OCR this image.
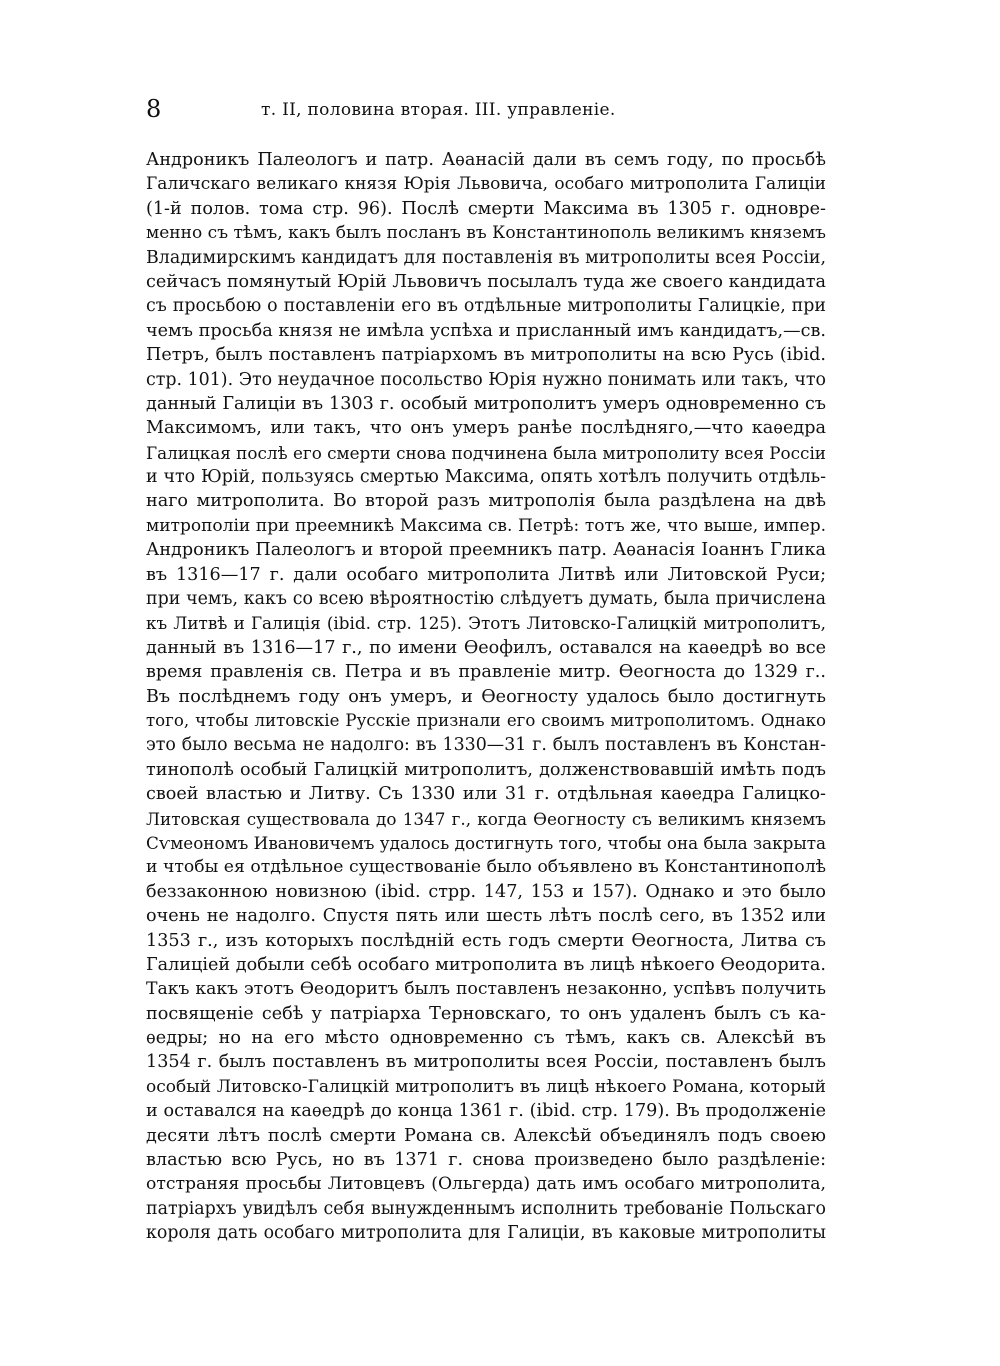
8	т. II, половина вторая. III. управленіе.
Андроникъ Палеологъ и патр. Аѳанасій дали въ семъ году, по просьбѣ
Галичскаго великаго князя Юрія Львовича, особаго митрополита Галиціи
(1-й полов. тома стр. 96). Послѣ смерти Максима въ 1305 г. одновре-
менно съ тѣмъ, какъ былъ посланъ въ Константинополь великимъ княземъ
Владимирскимъ кандидатъ для поставленія въ митрополиты всея Россіи,
сейчасъ помянутый Юрій Львовичъ посылалъ туда же своего кандидата
съ просьбою о поставленіи его въ отдѣльные митрополиты Галицкіе, при
чемъ просьба князя не имѣла успѣха и присланный имъ кандидатъ,—св.
Петръ, былъ поставленъ патріархомъ въ митрополиты на всю Русь (ibid.
стр. 101). Это неудачное посольство Юрія нужно понимать или такъ, что
данный Галиціи въ 1303 г. особый митрополитъ умеръ одновременно съ
Максимомъ, или такъ, что онъ умеръ ранѣе послѣдняго,—что каѳедра
Галицкая послѣ его смерти снова подчинена была митрополиту всея Россіи
и что Юрій, пользуясь смертью Максима, опять хотѣлъ получить отдѣль-
наго митрополита. Во второй разъ митрополія была раздѣлена на двѣ
митрополіи при преемникѣ Максима св. Петрѣ: тотъ же, что выше, импер.
Андроникъ Палеологъ и второй преемникъ патр. Аѳанасія Іоаннъ Глика
въ 1316—17 г. дали особаго митрополита Литвѣ или Литовской Руси;
при чемъ, какъ со всею вѣроятностію слѣдуетъ думать, была причислена
къ Литвѣ и Галиція (ibid. стр. 125). Этотъ Литовско-Галицкій митрополитъ,
данный въ 1316—17 г., по имени Ѳеофилъ, оставался на каѳедрѣ во все
время правленія св. Петра и въ правленіе митр. Ѳеогноста до 1329 г..
Въ послѣднемъ году онъ умеръ, и Ѳеогносту удалось было достигнуть
того, чтобы литовскіе Русскіе признали его своимъ митрополитомъ. Однако
это было весьма не надолго: въ 1330—31 г. былъ поставленъ въ Констан-
тинополѣ особый Галицкій митрополитъ, долженствовавшій имѣть подъ
своей властью и Литву. Съ 1330 или 31 г. отдѣльная каѳедра Галицко-
Литовская существовала до 1347 г., когда Ѳеогносту съ великимъ княземъ
Сѵмеономъ Ивановичемъ удалось достигнуть того, чтобы она была закрыта
и чтобы ея отдѣльное существованіе было объявлено въ Константинополѣ
беззаконною новизною (ibid. стрр. 147, 153 и 157). Однако и это было
очень не надолго. Спустя пять или шесть лѣтъ послѣ сего, въ 1352 или
1353 г., изъ которыхъ послѣдній есть годъ смерти Ѳеогноста, Литва съ
Галиціей добыли себѣ особаго митрополита въ лицѣ нѣкоего Ѳеодорита.
Такъ какъ этотъ Ѳеодоритъ былъ поставленъ незаконно, успѣвъ получить
посвященіе себѣ у патріарха Терновскаго, то онъ удаленъ былъ съ ка-
ѳедры; но на его мѣсто одновременно съ тѣмъ, какъ св. Алексѣй въ
1354 г. былъ поставленъ въ митрополиты всея Россіи, поставленъ былъ
особый Литовско-Галицкій митрополитъ въ лицѣ нѣкоего Романа, который
и оставался на каѳедрѣ до конца 1361 г. (ibid. стр. 179). Въ продолженіе
десяти лѣтъ послѣ смерти Романа св. Алексѣй объединялъ подъ своею
властью всю Русь, но въ 1371 г. снова произведено было раздѣленіе:
отстраняя просьбы Литовцевъ (Ольгерда) дать имъ особаго митрополита,
патріархъ увидѣлъ себя вынужденнымъ исполнить требованіе Польскаго
короля дать особаго митрополита для Галиціи, въ каковые митрополиты
